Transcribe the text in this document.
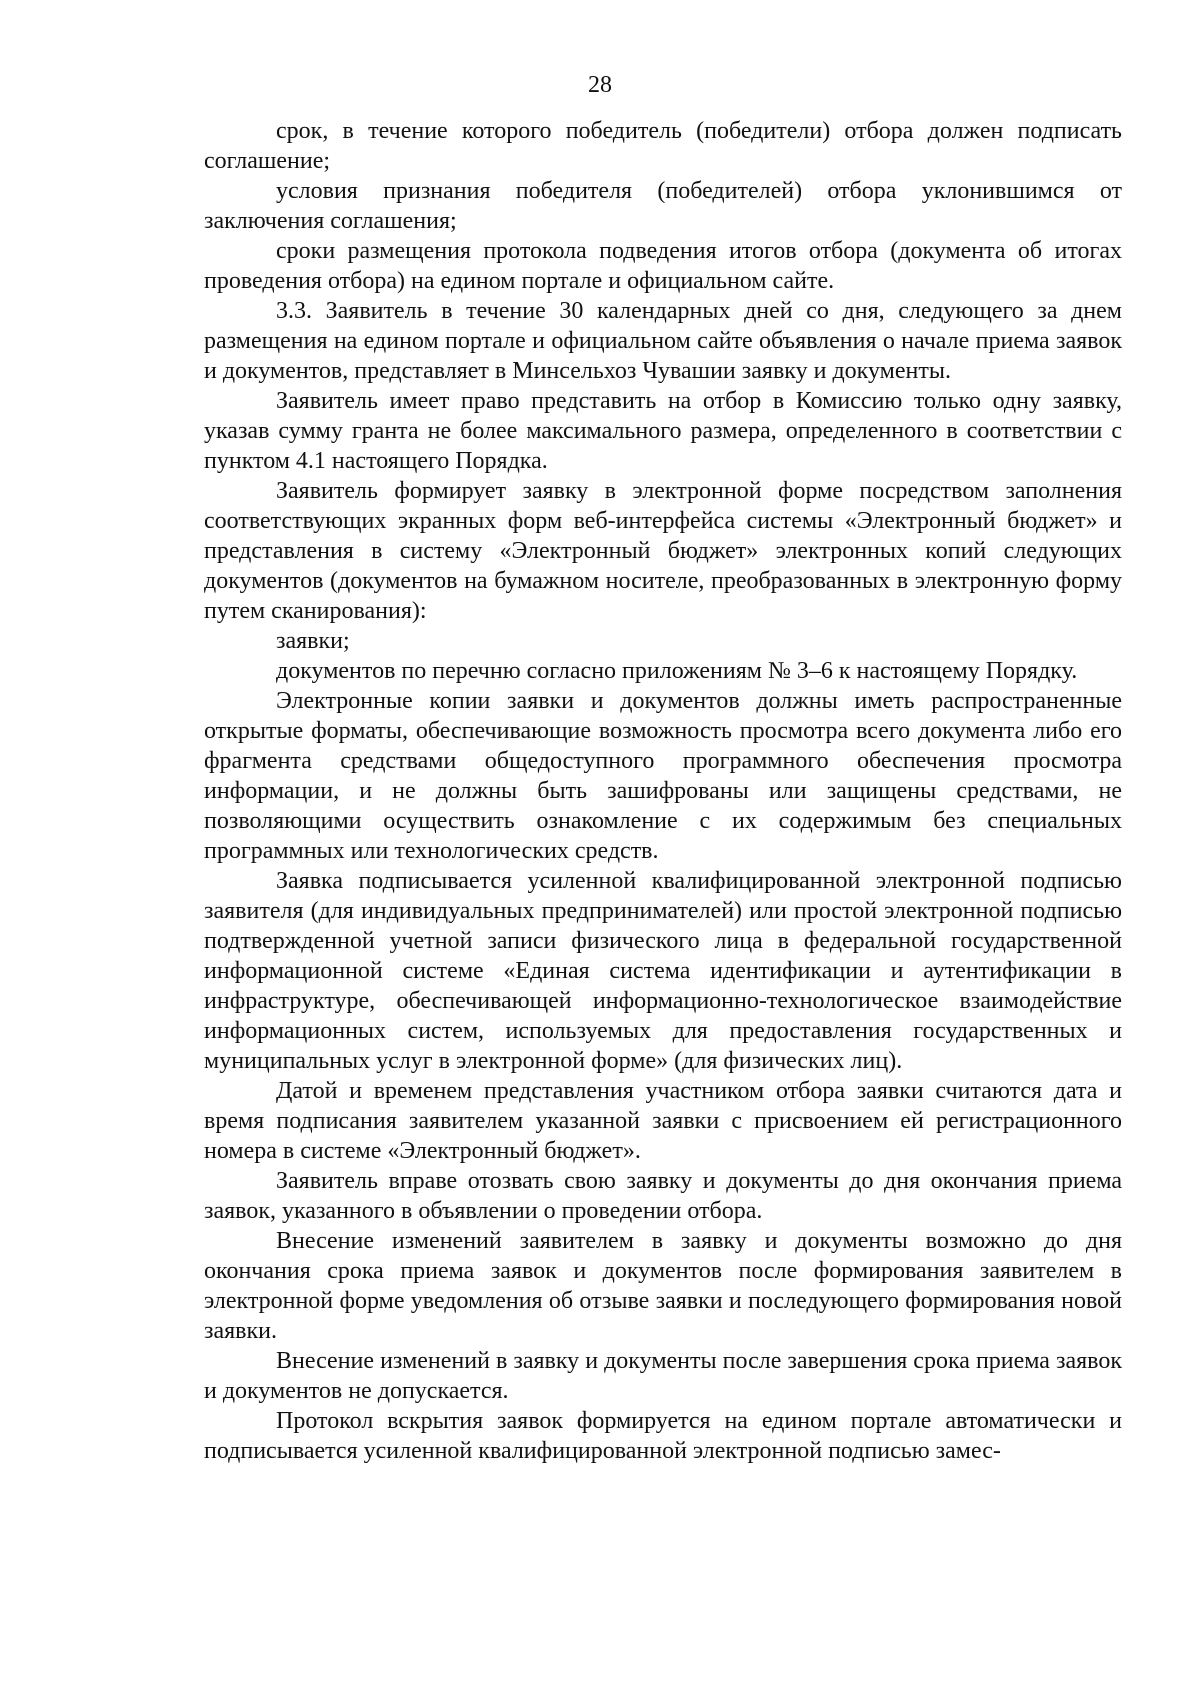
28

срок, в течение которого победитель (победители) отбора должен подписать соглашение;

условия признания победителя (победителей) отбора уклонившимся от заключения соглашения;

сроки размещения протокола подведения итогов отбора (документа об итогах проведения отбора) на едином портале и официальном сайте.

3.3. Заявитель в течение 30 календарных дней со дня, следующего за днем размещения на едином портале и официальном сайте объявления о начале приема заявок и документов, представляет в Минсельхоз Чувашии заявку и документы.

Заявитель имеет право представить на отбор в Комиссию только одну заявку, указав сумму гранта не более максимального размера, определенного в соответствии с пунктом 4.1 настоящего Порядка.

Заявитель формирует заявку в электронной форме посредством заполнения соответствующих экранных форм веб-интерфейса системы «Электронный бюджет» и представления в систему «Электронный бюджет» электронных копий следующих документов (документов на бумажном носителе, преобразованных в электронную форму путем сканирования):

заявки;

документов по перечню согласно приложениям № 3–6 к настоящему Порядку.

Электронные копии заявки и документов должны иметь распространенные открытые форматы, обеспечивающие возможность просмотра всего документа либо его фрагмента средствами общедоступного программного обеспечения просмотра информации, и не должны быть зашифрованы или защищены средствами, не позволяющими осуществить ознакомление с их содержимым без специальных программных или технологических средств.

Заявка подписывается усиленной квалифицированной электронной подписью заявителя (для индивидуальных предпринимателей) или простой электронной подписью подтвержденной учетной записи физического лица в федеральной государственной информационной системе «Единая система идентификации и аутентификации в инфраструктуре, обеспечивающей информационно-технологическое взаимодействие информационных систем, используемых для предоставления государственных и муниципальных услуг в электронной форме» (для физических лиц).

Датой и временем представления участником отбора заявки считаются дата и время подписания заявителем указанной заявки с присвоением ей регистрационного номера в системе «Электронный бюджет».

Заявитель вправе отозвать свою заявку и документы до дня окончания приема заявок, указанного в объявлении о проведении отбора.

Внесение изменений заявителем в заявку и документы возможно до дня окончания срока приема заявок и документов после формирования заявителем в электронной форме уведомления об отзыве заявки и последующего формирования новой заявки.

Внесение изменений в заявку и документы после завершения срока приема заявок и документов не допускается.

Протокол вскрытия заявок формируется на едином портале автоматически и подписывается усиленной квалифицированной электронной подписью замес-
